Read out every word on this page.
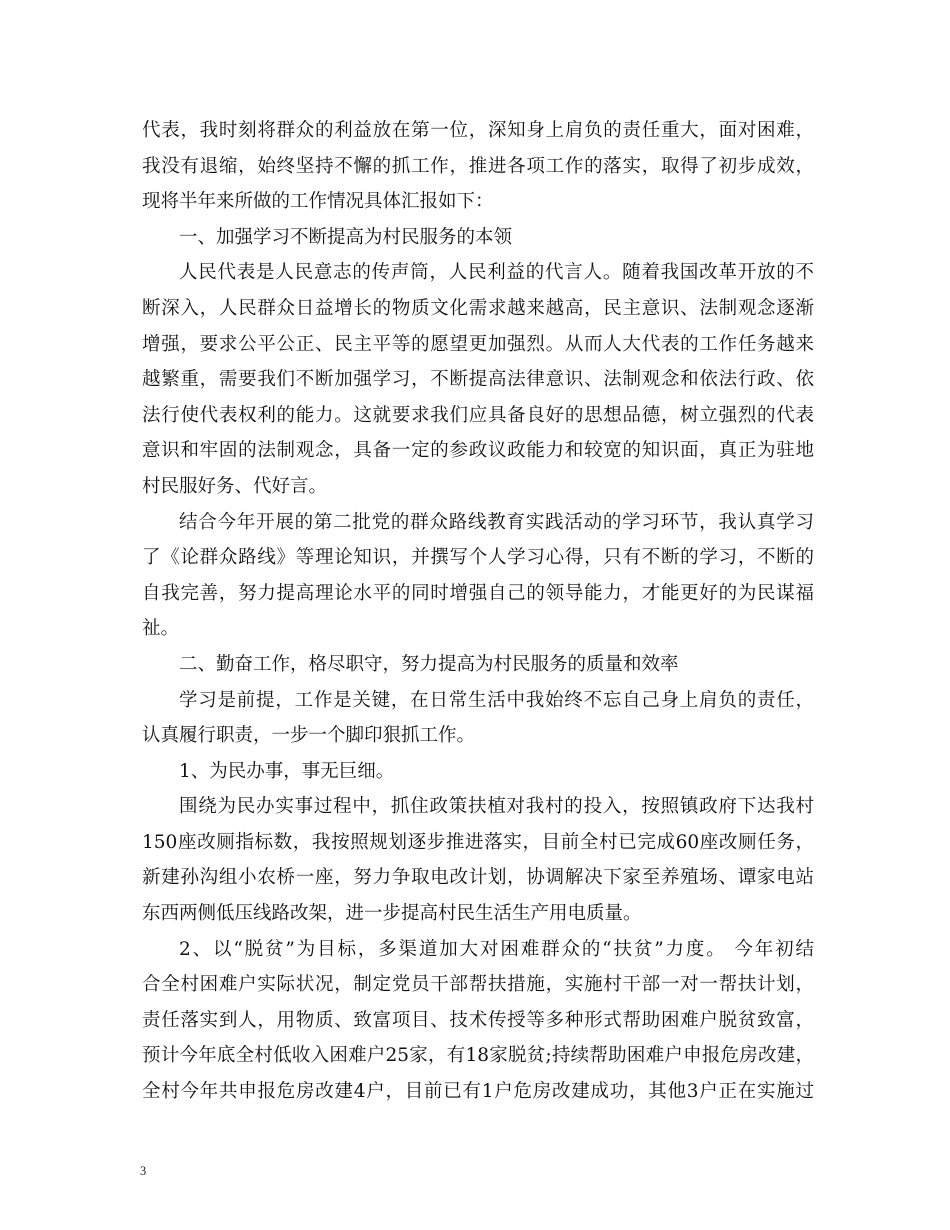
代表，我时刻将群众的利益放在第一位，深知身上肩负的责任重大，面对困难，
我没有退缩，始终坚持不懈的抓工作，推进各项工作的落实，取得了初步成效，
现将半年来所做的工作情况具体汇报如下：
一、加强学习不断提高为村民服务的本领
人民代表是人民意志的传声筒，人民利益的代言人。随着我国改革开放的不
断深入，人民群众日益增长的物质文化需求越来越高，民主意识、法制观念逐渐
增强，要求公平公正、民主平等的愿望更加强烈。从而人大代表的工作任务越来
越繁重，需要我们不断加强学习，不断提高法律意识、法制观念和依法行政、依
法行使代表权利的能力。这就要求我们应具备良好的思想品德，树立强烈的代表
意识和牢固的法制观念，具备一定的参政议政能力和较宽的知识面，真正为驻地
村民服好务、代好言。
结合今年开展的第二批党的群众路线教育实践活动的学习环节，我认真学习
了《论群众路线》等理论知识，并撰写个人学习心得，只有不断的学习，不断的
自我完善，努力提高理论水平的同时增强自己的领导能力，才能更好的为民谋福
祉。
二、勤奋工作，格尽职守，努力提高为村民服务的质量和效率
学习是前提，工作是关键，在日常生活中我始终不忘自己身上肩负的责任，
认真履行职责，一步一个脚印狠抓工作。
1、为民办事，事无巨细。
围绕为民办实事过程中，抓住政策扶植对我村的投入，按照镇政府下达我村
150座改厕指标数，我按照规划逐步推进落实，目前全村已完成60座改厕任务，
新建孙沟组小农桥一座，努力争取电改计划，协调解决下家至养殖场、谭家电站
东西两侧低压线路改架，进一步提高村民生活生产用电质量。
2、以“脱贫”为目标，多渠道加大对困难群众的“扶贫”力度。 今年初结
合全村困难户实际状况，制定党员干部帮扶措施，实施村干部一对一帮扶计划，
责任落实到人，用物质、致富项目、技术传授等多种形式帮助困难户脱贫致富，
预计今年底全村低收入困难户25家，有18家脱贫;持续帮助困难户申报危房改建，
全村今年共申报危房改建4户，目前已有1户危房改建成功，其他3户正在实施过
3
